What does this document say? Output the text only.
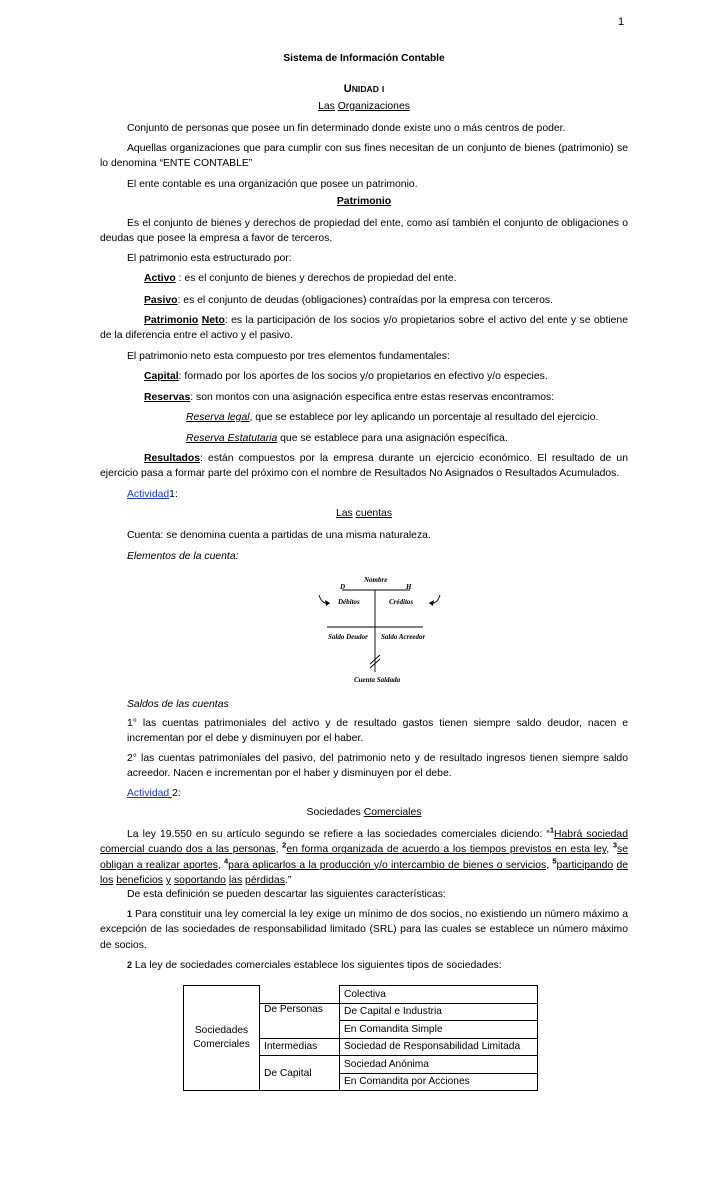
1
Sistema de Información Contable
UNIDAD I
Las Organizaciones
Conjunto de personas que posee un fin determinado donde existe uno o más centros de poder.
Aquellas organizaciones que para cumplir con sus fines necesitan de un conjunto de bienes (patrimonio) se lo denomina “ENTE CONTABLE”
El ente contable es una organización que posee un patrimonio.
Patrimonio
Es el conjunto de bienes y derechos de propiedad del ente, como así también el conjunto de obligaciones o deudas que posee la empresa a favor de terceros.
El patrimonio esta estructurado por:
Activo : es el conjunto de bienes y derechos de propiedad del ente.
Pasivo: es el conjunto de deudas (obligaciones) contraídas por la empresa con terceros.
Patrimonio Neto: es la participación de los socios y/o propietarios sobre el activo del ente y se obtiene de la diferencia entre el activo y el pasivo.
El patrimonio neto esta compuesto por tres elementos fundamentales:
Capital: formado por los aportes de los socios y/o propietarios en efectivo y/o especies.
Reservas: son montos con una asignación especifica entre estas reservas encontramos:
Reserva legal, que se establece por ley aplicando un porcentaje al resultado del ejercicio.
Reserva Estatutaria que se establece para una asignación específica.
Resultados: están compuestos por la empresa durante un ejercicio económico. El resultado de un ejercicio pasa a formar parte del próximo con el nombre de Resultados No Asignados o Resultados Acumulados.
Actividad1:
Las cuentas
Cuenta: se denomina cuenta a partidas de una misma naturaleza.
Elementos de la cuenta:
Nombre
D	H
Débitos	Créditos
Saldo Deudor Saldo Acreedor
Cuenta Saldada
Saldos de las cuentas
1° las cuentas patrimoniales del activo y de resultado gastos tienen siempre saldo deudor, nacen e incrementan por el debe y disminuyen por el haber.
2° las cuentas patrimoniales del pasivo, del patrimonio neto y de resultado ingresos tienen siempre saldo acreedor. Nacen e incrementan por el haber y disminuyen por el debe.
Actividad 2:
Sociedades Comerciales
La ley 19.550 en su artículo segundo se refiere a las sociedades comerciales diciendo: “$^1$Habrá sociedad comercial cuando dos a las personas, $^2$en forma organizada de acuerdo a los tiempos previstos en esta ley, $^3$se obligan a realizar aportes, $^4$para aplicarlos a la producción y/o intercambio de bienes o servicios, $^5$participando de los beneficios y soportando las pérdidas.”
De esta definición se pueden descartar las siguientes características:
1 Para constituir una ley comercial la ley exige un mínimo de dos socios, no existiendo un número máximo a excepción de las sociedades de responsabilidad limitado (SRL) para las cuales se establece un número máximo de socios.
2 La ley de sociedades comerciales establece los siguientes tipos de sociedades:
Sociedades Comerciales		Colectiva
	De Personas	De Capital e Industria
		En Comandita Simple
	Intermedias	Sociedad de Responsabilidad Limitada
	De Capital	Sociedad Anónima
		En Comandita por Acciones
